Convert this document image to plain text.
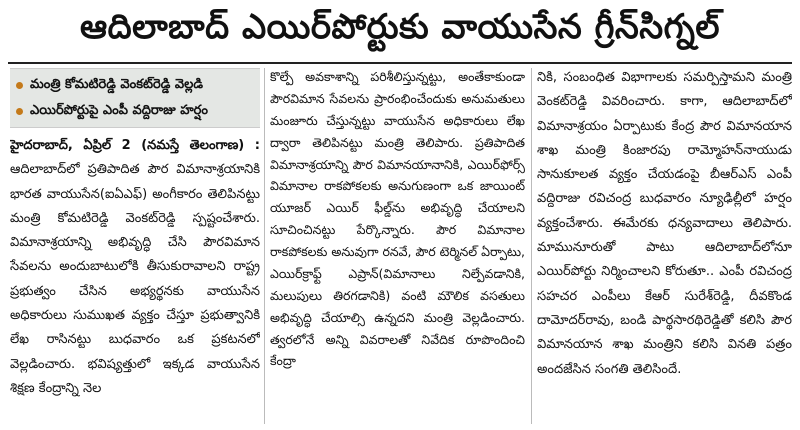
ఆదిలాబాద్ ఎయిర్‌పోర్టుకు వాయుసేన గ్రీన్‌సిగ్నల్
మంత్రి కోమటిరెడ్డి వెంకట్‌రెడ్డి వెల్లడి
ఎయిర్‌పోర్టుపై ఎంపీ వద్దిరాజు హర్షం

హైదరాబాద్, ఏప్రిల్ 2 (నమస్తే తెలంగాణ) : ఆదిలాబాద్‌లో ప్రతిపాదిత పౌర విమానాశ్రయానికి భారత వాయుసేన(ఐఏఎఫ్) అంగీకారం తెలిపినట్టు మంత్రి కోమటిరెడ్డి వెంకట్‌రెడ్డి స్పష్టంచేశారు. విమానాశ్రయాన్ని అభివృద్ధి చేసి పౌరవిమాన సేవలను అందుబాటులోకి తీసుకురావాలని రాష్ట్ర ప్రభుత్వం చేసిన అభ్యర్థనకు వాయుసేన అధికారులు సుముఖత వ్యక్తం చేస్తూ ప్రభుత్వానికి లేఖ రాసినట్టు బుధవారం ఒక ప్రకటనలో వెల్లడించారు. భవిష్యత్తులో ఇక్కడ వాయుసేన శిక్షణ కేంద్రాన్ని నెల

కొల్పే అవకాశాన్ని పరిశీలిస్తున్నట్టు, అంతేకాకుండా పౌరవిమాన సేవలను ప్రారంభించేందుకు అనుమతులు మంజూరు చేస్తున్నట్టు వాయుసేన అధికారులు లేఖ ద్వారా తెలిపినట్టు మంత్రి తెలిపారు. ప్రతిపాదిత విమానాశ్రయాన్ని పౌర విమానయానానికి, ఎయిర్‌ఫోర్స్ విమానాల రాకపోకలకు అనుగుణంగా ఒక జాయింట్ యూజర్ ఎయిర్ ఫీల్డ్‌ను అభివృద్ధి చేయాలని సూచించినట్టు పేర్కొన్నారు. పౌర విమానాల రాకపోకలకు అనువుగా రనవే, పౌర టెర్మినల్ ఏర్పాటు, ఎయిర్‌క్రాఫ్ట్ ఎప్రాన్(విమానాలు నిల్పేవడానికి, మలుపులు తిరగడానికి) వంటి మౌలిక వసతులు అభివృద్ధి చేయాల్సి ఉన్నదని మంత్రి వెల్లడించారు. త్వరలోనే అన్ని వివరాలతో నివేదిక రూపొందించి కేంద్రా

నికి, సంబంధిత విభాగాలకు సమర్పిస్తామని మంత్రి వెంకట్‌రెడ్డి వివరించారు. కాగా, ఆదిలాబాద్‌లో విమానాశ్రయం ఏర్పాటుకు కేంద్ర పౌర విమానయాన శాఖ మంత్రి కింజారపు రామ్మోహన్‌నాయుడు సానుకూలత వ్యక్తం చేయడంపై బీఆర్‌ఎస్ ఎంపీ వద్దిరాజు రవిచంద్ర బుధవారం న్యూఢిల్లీలో హర్షం వ్యక్తంచేశారు. ఈమేరకు ధన్యవాదాలు తెలిపారు. మామునూరుతో పాటు ఆదిలాబాద్‌లోనూ ఎయిర్‌పోర్టు నిర్మించాలని కోరుతూ.. ఎంపీ రవిచంద్ర సహచర ఎంపీలు కేఆర్ సురేశ్‌రెడ్డి, దీవకొండ దామోదర్‌రావు, బండి పార్థసారథిరెడ్డితో కలిసి పౌర విమానయాన శాఖ మంత్రిని కలిసి వినతి పత్రం అందజేసిన సంగతి తెలిసిందే.
